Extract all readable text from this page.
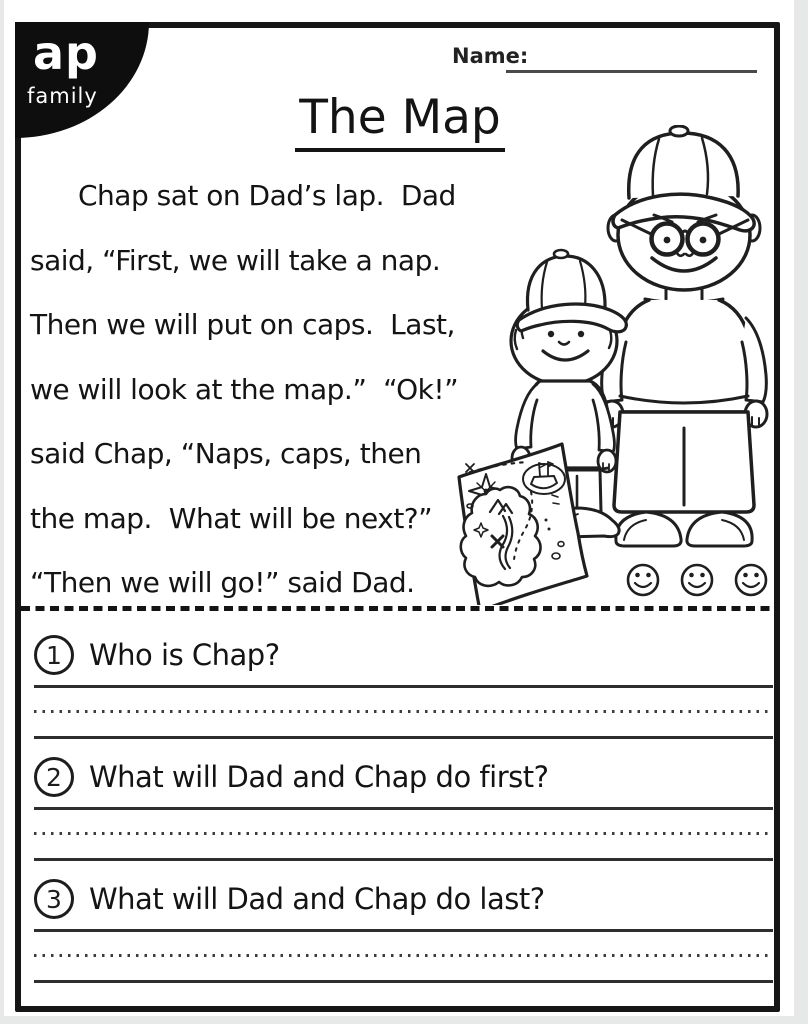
ap
family
Name:
The Map
Chap sat on Dad’s lap.  Dad
said, “First, we will take a nap.
Then we will put on caps.  Last,
we will look at the map.”  “Ok!”
said Chap, “Naps, caps, then
the map.  What will be next?”
“Then we will go!” said Dad.
1 Who is Chap?
2 What will Dad and Chap do first?
3 What will Dad and Chap do last?
